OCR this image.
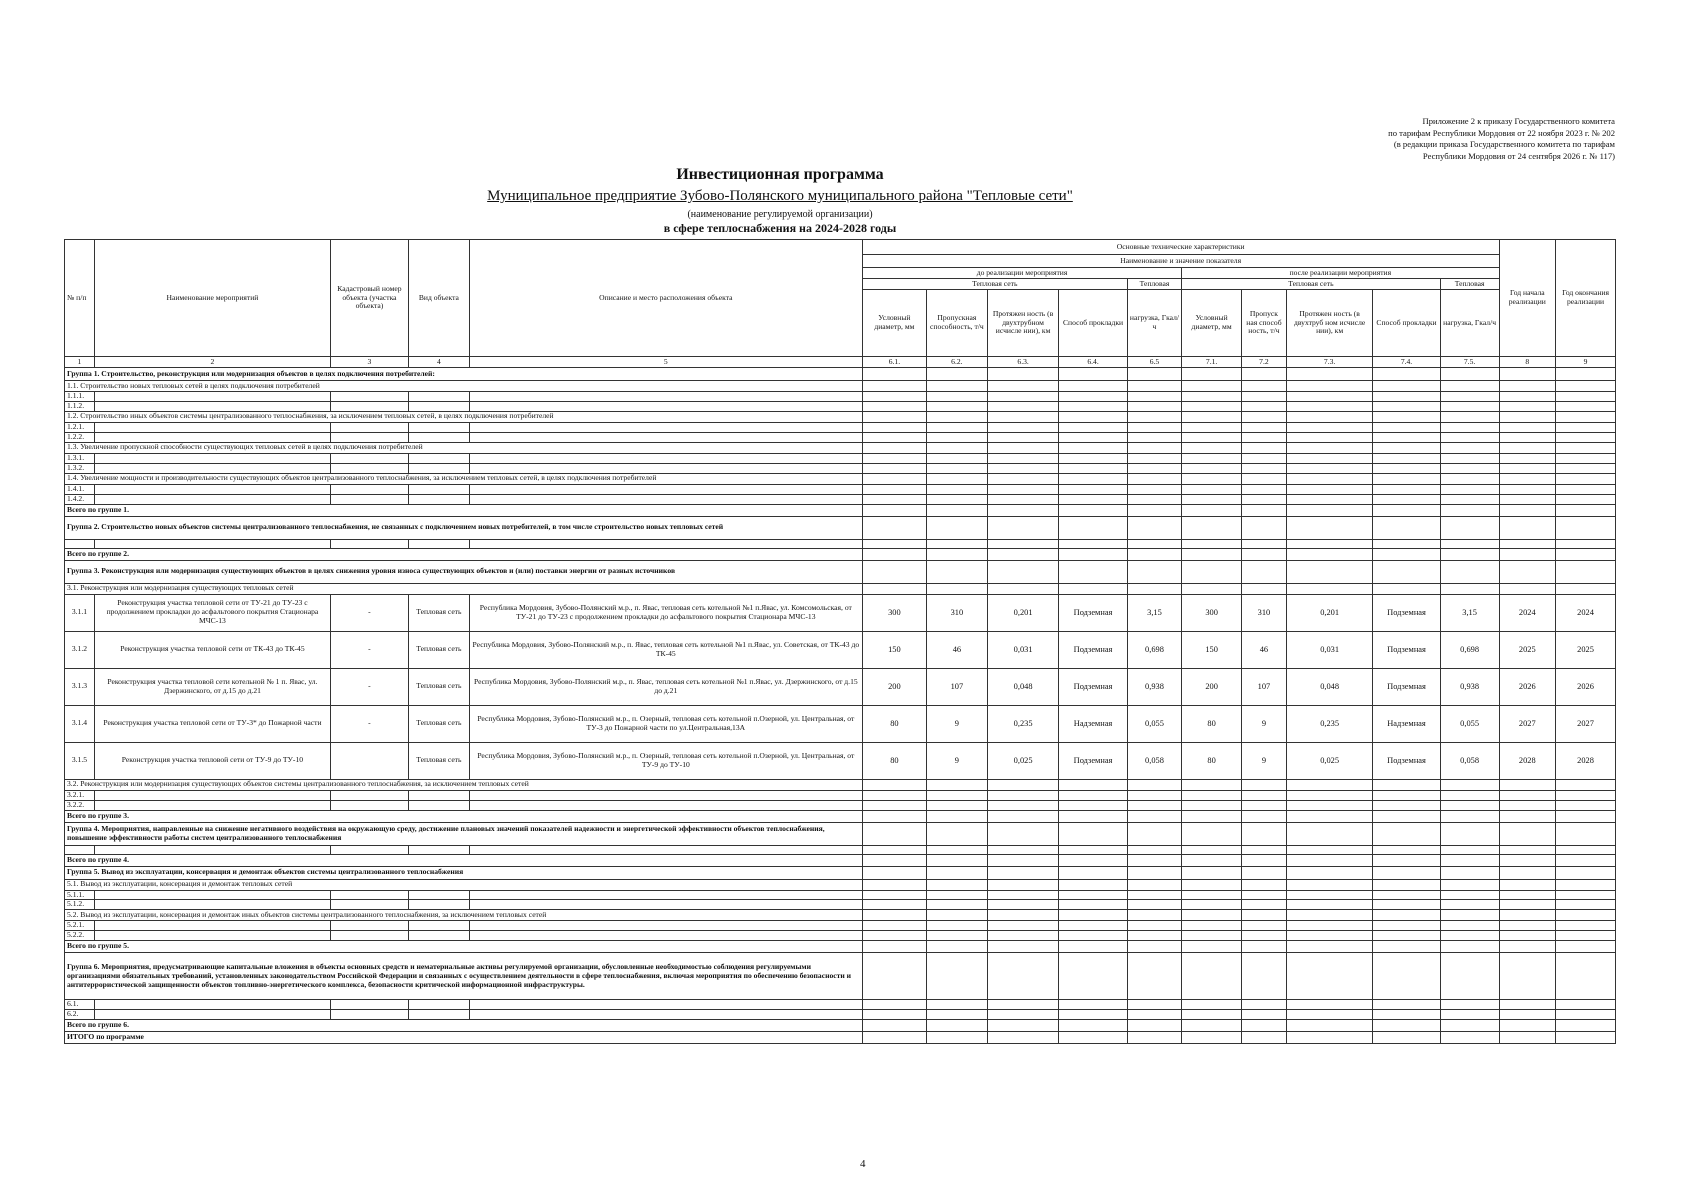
Приложение 2 к приказу Государственного комитета
по тарифам Республики Мордовия от 22 ноября 2023 г. № 202
(в редакции приказа Государственного комитета по тарифам
Республики Мордовия от 24 сентября 2026 г. № 117)
Инвестиционная программа
Муниципальное предприятие Зубово-Полянского муниципального района "Тепловые сети"
(наименование регулируемой организации)
в сфере теплоснабжения на 2024-2028 годы
№ п/п	Наименование мероприятий	Кадастровый номер объекта (участка объекта)	Вид объекта	Описание и место расположения объекта	Основные технические характеристики										Год начала реализации	Год окончания реализации
					Наименование и значение показателя											
					до реализации мероприятия					после реализации мероприятия						
					Тепловая сеть				Тепловая	Тепловая сеть				Тепловая		
					Условный диаметр, мм	Пропускная способность, т/ч	Протяжен ность (в двухтрубном исчисле нии), км	Способ прокладки	нагрузка, Гкал/ч	Условный диаметр, мм	Пропуск ная способ ность, т/ч	Протяжен ность (в двухтруб ном исчисле нии), км	Способ прокладки	нагрузка, Гкал/ч		
1	2	3	4	5	6.1.	6.2.	6.3.	6.4.	6.5	7.1.	7.2	7.3.	7.4.	7.5.	8	9
Группа 1. Строительство, реконструкция или модернизация объектов в целях подключения потребителей:																
1.1. Строительство новых тепловых сетей в целях подключения потребителей																
1.1.1.																
1.1.2.																
1.2. Строительство иных объектов системы централизованного теплоснабжения, за исключением тепловых сетей, в целях подключения потребителей																
1.2.1.																
1.2.2.																
1.3. Увеличение пропускной способности существующих тепловых сетей в целях подключения потребителей																
1.3.1.																
1.3.2.																
1.4. Увеличение мощности и производительности существующих объектов централизованного теплоснабжения, за исключением тепловых сетей, в целях подключения потребителей																
1.4.1.																
1.4.2.																
Всего по группе 1.																
Группа 2. Строительство новых объектов системы централизованного теплоснабжения, не связанных с подключением новых потребителей, в том числе строительство новых тепловых сетей																

Всего по группе 2.																
Группа 3. Реконструкция или модернизация существующих объектов в целях снижения уровня износа существующих объектов и (или) поставки энергии от разных источников																
3.1. Реконструкция или модернизация существующих тепловых сетей																
3.1.1	Реконструкция участка тепловой сети от ТУ-21 до ТУ-23 с продолжением прокладки до асфальтового покрытия Стационара МЧС-13	-	Тепловая сеть	Республика Мордовия, Зубово-Полянский м.р., п. Явас, тепловая сеть котельной №1 п.Явас, ул. Комсомольская, от ТУ-21 до ТУ-23 с продолжением прокладки до асфальтового покрытия Стационара МЧС-13	300	310	0,201	Подземная	3,15	300	310	0,201	Подземная	3,15	2024	2024
3.1.2	Реконструкция участка тепловой сети от ТК-43 до ТК-45	-	Тепловая сеть	Республика Мордовия, Зубово-Полянский м.р., п. Явас, тепловая сеть котельной №1 п.Явас, ул. Советская, от ТК-43 до ТК-45	150	46	0,031	Подземная	0,698	150	46	0,031	Подземная	0,698	2025	2025
3.1.3	Реконструкция участка тепловой сети котельной № 1 п. Явас, ул. Дзержинского, от д.15 до д.21	-	Тепловая сеть	Республика Мордовия, Зубово-Полянский м.р., п. Явас, тепловая сеть котельной №1 п.Явас, ул. Дзержинского, от д.15 до д.21	200	107	0,048	Подземная	0,938	200	107	0,048	Подземная	0,938	2026	2026
3.1.4	Реконструкция участка тепловой сети от ТУ-3* до Пожарной части	-	Тепловая сеть	Республика Мордовия, Зубово-Полянский м.р., п. Озерный, тепловая сеть котельной п.Озерной, ул. Центральная, от ТУ-3 до Пожарной части по ул.Центральная,13А	80	9	0,235	Надземная	0,055	80	9	0,235	Надземная	0,055	2027	2027
3.1.5	Реконструкция участка тепловой сети от ТУ-9 до ТУ-10		Тепловая сеть	Республика Мордовия, Зубово-Полянский м.р., п. Озерный, тепловая сеть котельной п.Озерной, ул. Центральная, от ТУ-9 до ТУ-10	80	9	0,025	Подземная	0,058	80	9	0,025	Подземная	0,058	2028	2028
3.2. Реконструкция или модернизация существующих объектов системы централизованного теплоснабжения, за исключением тепловых сетей																
3.2.1.																
3.2.2.																
Всего по группе 3.																
Группа 4. Мероприятия, направленные на снижение негативного воздействия на окружающую среду, достижение плановых значений показателей надежности и энергетической эффективности объектов теплоснабжения, повышение эффективности работы систем централизованного теплоснабжения																

Всего по группе 4.																
Группа 5. Вывод из эксплуатации, консервация и демонтаж объектов системы централизованного теплоснабжения																
5.1. Вывод из эксплуатации, консервация и демонтаж тепловых сетей																
5.1.1.																
5.1.2.																
5.2. Вывод из эксплуатации, консервация и демонтаж иных объектов системы централизованного теплоснабжения, за исключением тепловых сетей																
5.2.1.																
5.2.2.																
Всего по группе 5.																
Группа 6. Мероприятия, предусматривающие капитальные вложения в объекты основных средств и нематериальные активы регулируемой организации, обусловленные необходимостью соблюдения регулируемыми организациями обязательных требований, установленных законодательством Российской Федерации и связанных с осуществлением деятельности в сфере теплоснабжения, включая мероприятия по обеспечению безопасности и антитеррористической защищенности объектов топливно-энергетического комплекса, безопасности критической информационной инфраструктуры.																
6.1.																
6.2.																
Всего по группе 6.																
ИТОГО по программе																
4
